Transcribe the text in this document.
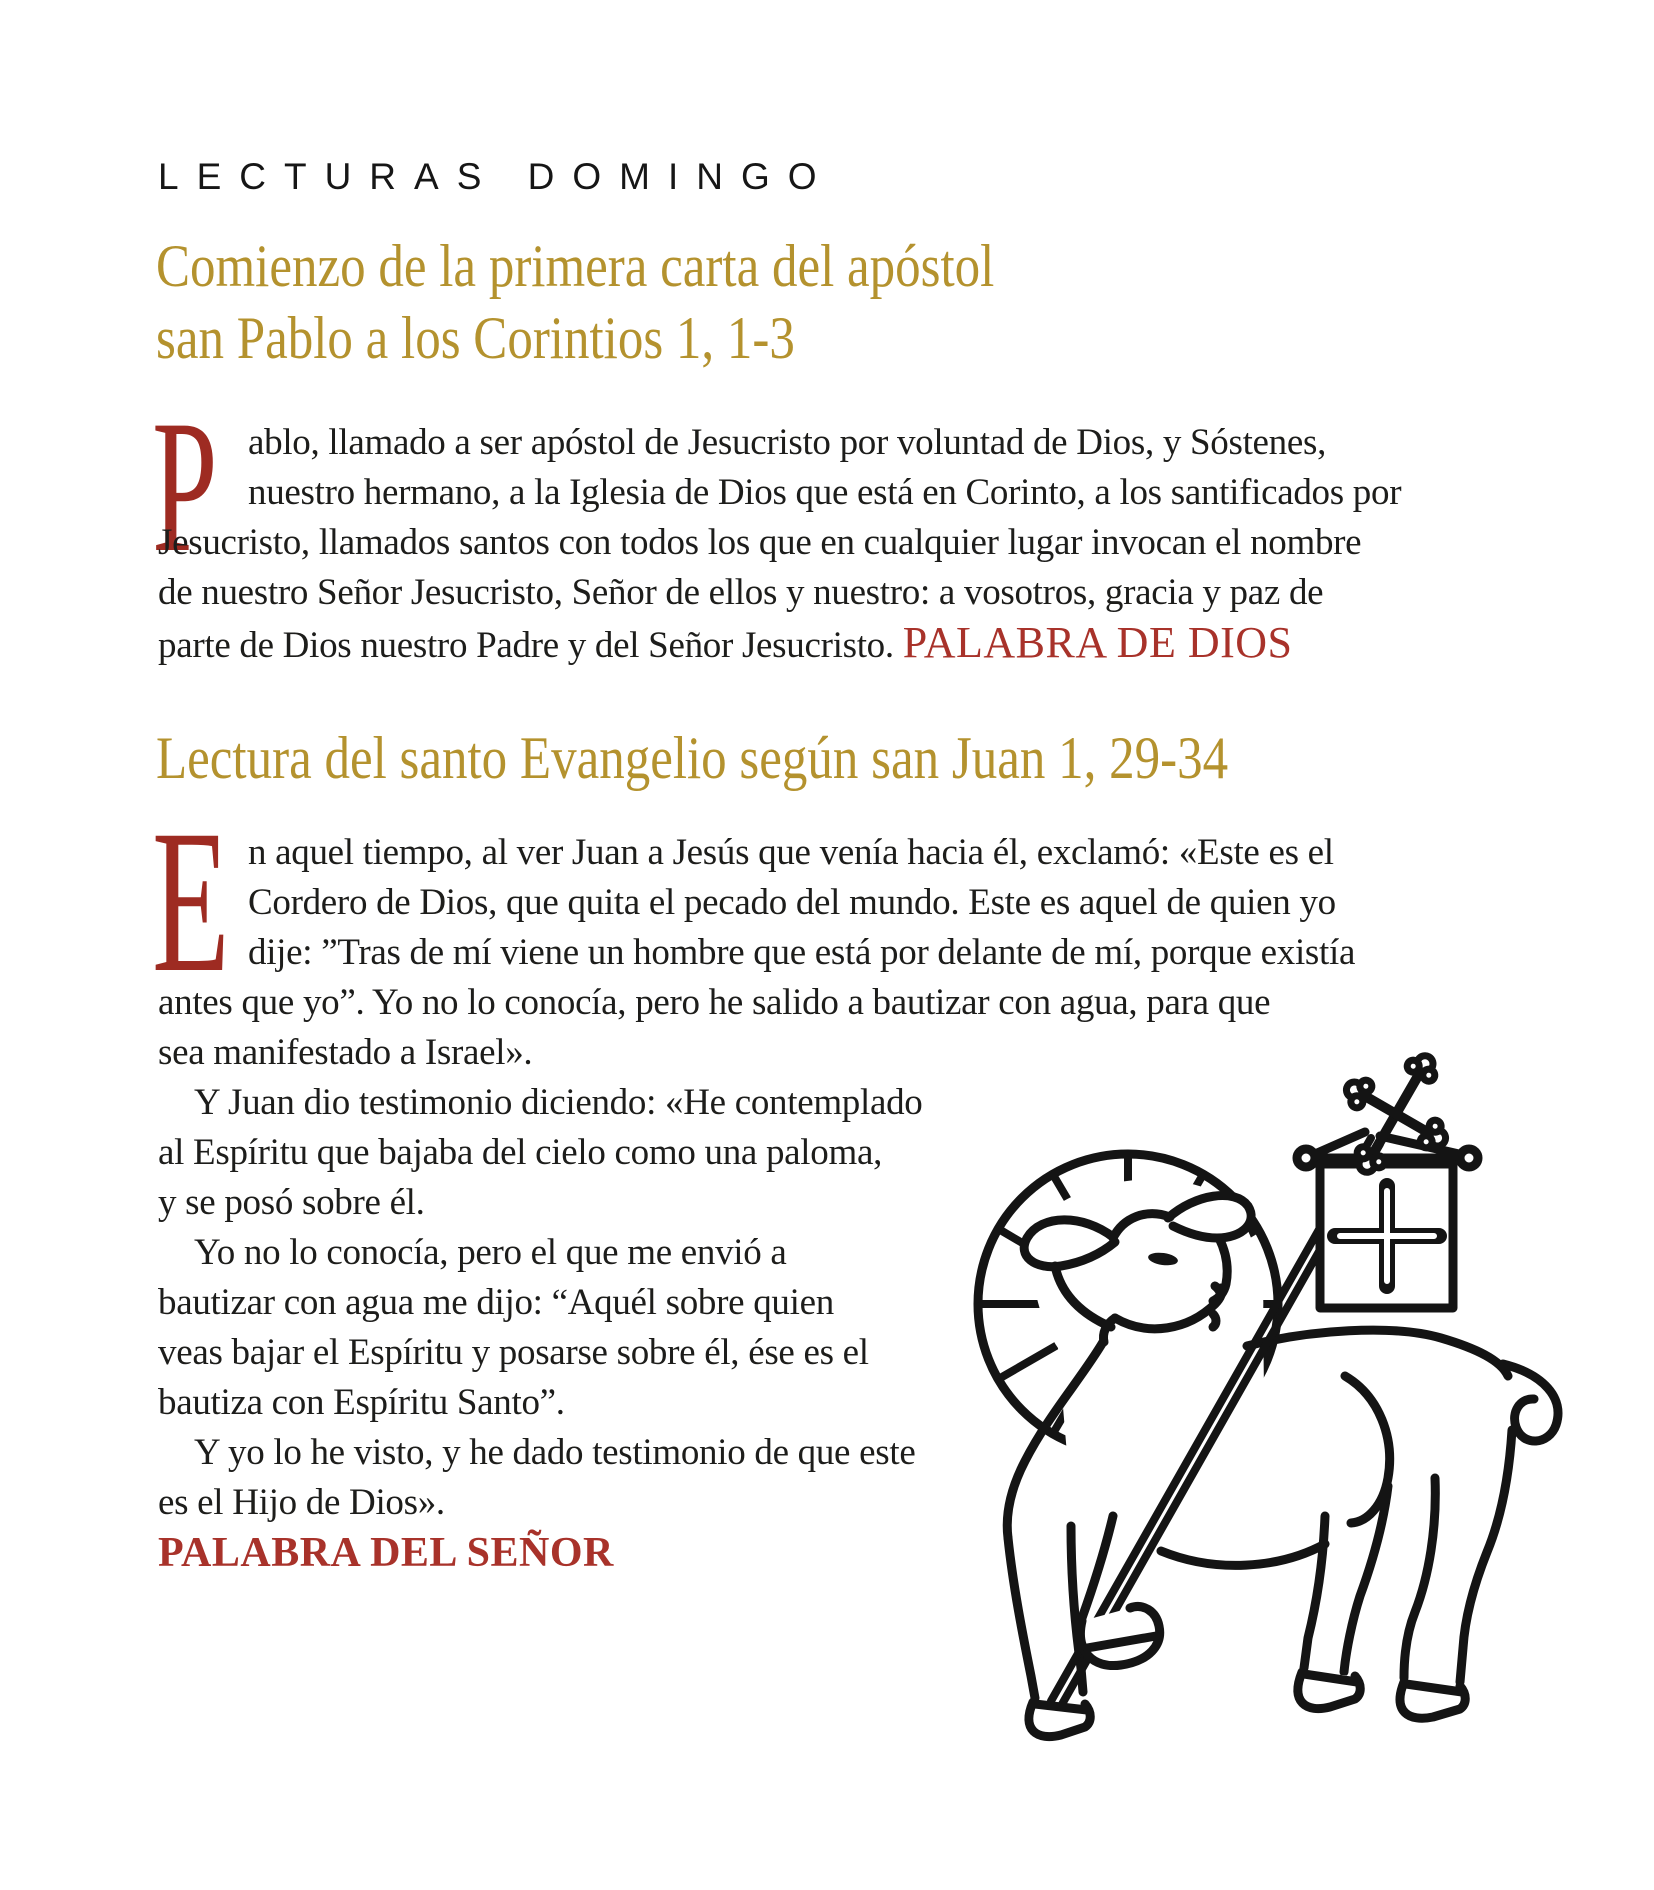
LECTURAS DOMINGO
Comienzo de la primera carta del apóstol
san Pablo a los Corintios 1, 1-3
P ablo, llamado a ser apóstol de Jesucristo por voluntad de Dios, y Sóstenes,
nuestro hermano, a la Iglesia de Dios que está en Corinto, a los santificados por
Jesucristo, llamados santos con todos los que en cualquier lugar invocan el nombre
de nuestro Señor Jesucristo, Señor de ellos y nuestro: a vosotros, gracia y paz de
parte de Dios nuestro Padre y del Señor Jesucristo. PALABRA DE DIOS
Lectura del santo Evangelio según san Juan 1, 29-34
E n aquel tiempo, al ver Juan a Jesús que venía hacia él, exclamó: «Este es el
Cordero de Dios, que quita el pecado del mundo. Este es aquel de quien yo
dije: ”Tras de mí viene un hombre que está por delante de mí, porque existía
antes que yo”. Yo no lo conocía, pero he salido a bautizar con agua, para que
sea manifestado a Israel».
Y Juan dio testimonio diciendo: «He contemplado
al Espíritu que bajaba del cielo como una paloma,
y se posó sobre él.
Yo no lo conocía, pero el que me envió a
bautizar con agua me dijo: “Aquél sobre quien
veas bajar el Espíritu y posarse sobre él, ése es el
bautiza con Espíritu Santo”.
Y yo lo he visto, y he dado testimonio de que este
es el Hijo de Dios».
PALABRA DEL SEÑOR
